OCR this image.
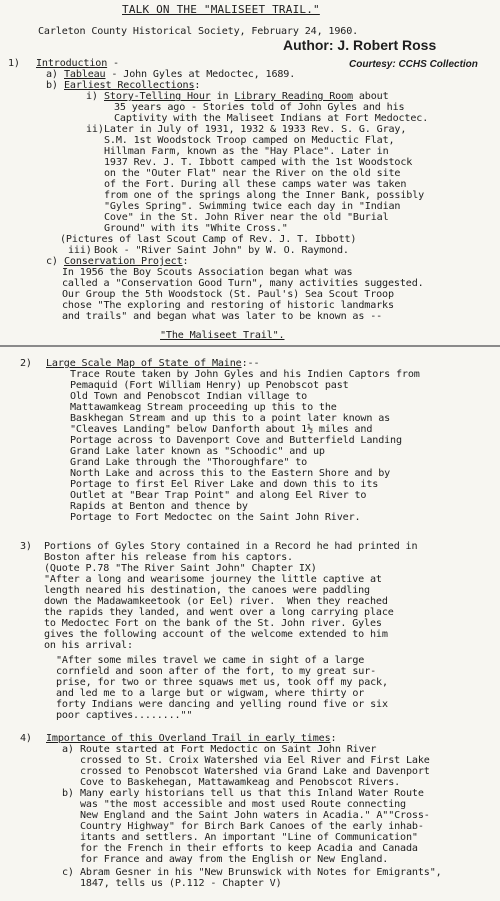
TALK ON THE "MALISEET TRAIL."
Carleton County Historical Society, February 24, 1960.
Author: J. Robert Ross
Courtesy: CCHS Collection
1) Introduction -
a) Tableau - John Gyles at Medoctec, 1689.
b) Earliest Recollections:
i) Story-Telling Hour in Library Reading Room about
35 years ago - Stories told of John Gyles and his
Captivity with the Maliseet Indians at Fort Medoctec.
ii) Later in July of 1931, 1932 & 1933 Rev. S. G. Gray,
S.M. 1st Woodstock Troop camped on Meductic Flat,
Hillman Farm, known as the "Hay Place". Later in
1937 Rev. J. T. Ibbott camped with the 1st Woodstock
on the "Outer Flat" near the River on the old site
of the Fort. During all these camps water was taken
from one of the springs along the Inner Bank, possibly
"Gyles Spring". Swimming twice each day in "Indian
Cove" in the St. John River near the old "Burial
Ground" with its "White Cross."
(Pictures of last Scout Camp of Rev. J. T. Ibbott)
iii) Book - "River Saint John" by W. O. Raymond.
c) Conservation Project:
In 1956 the Boy Scouts Association began what was
called a "Conservation Good Turn", many activities suggested.
Our Group the 5th Woodstock (St. Paul's) Sea Scout Troop
chose "The exploring and restoring of historic landmarks
and trails" and began what was later to be known as --
"The Maliseet Trail".
2) Large Scale Map of State of Maine:--
Trace Route taken by John Gyles and his Indien Captors from
Pemaquid (Fort William Henry) up Penobscot past
Old Town and Penobscot Indian village to
Mattawamkeag Stream proceeding up this to the
Baskhegan Stream and up this to a point later known as
"Cleaves Landing" below Danforth about 1½ miles and
Portage across to Davenport Cove and Butterfield Landing
Grand Lake later known as "Schoodic" and up
Grand Lake through the "Thoroughfare" to
North Lake and across this to the Eastern Shore and by
Portage to first Eel River Lake and down this to its
Outlet at "Bear Trap Point" and along Eel River to
Rapids at Benton and thence by
Portage to Fort Medoctec on the Saint John River.
3) Portions of Gyles Story contained in a Record he had printed in
Boston after his release from his captors.
(Quote P.78 "The River Saint John" Chapter IX)
"After a long and wearisome journey the little captive at
length neared his destination, the canoes were paddling
down the Madawamkeetook (or Eel) river.  When they reached
the rapids they landed, and went over a long carrying place
to Medoctec Fort on the bank of the St. John river. Gyles
gives the following account of the welcome extended to him
on his arrival:
"After some miles travel we came in sight of a large
cornfield and soon after of the fort, to my great sur-
prise, for two or three squaws met us, took off my pack,
and led me to a large but or wigwam, where thirty or
forty Indians were dancing and yelling round five or six
poor captives........""
4) Importance of this Overland Trail in early times:
a) Route started at Fort Medoctic on Saint John River
crossed to St. Croix Watershed via Eel River and First Lake
crossed to Penobscot Watershed via Grand Lake and Davenport
Cove to Baskehegan, Mattawamkeag and Penobscot Rivers.
b) Many early historians tell us that this Inland Water Route
was "the most accessible and most used Route connecting
New England and the Saint John waters in Acadia." A""Cross-
Country Highway" for Birch Bark Canoes of the early inhab-
itants and settlers. An important "Line of Communication"
for the French in their efforts to keep Acadia and Canada
for France and away from the English or New England.
c) Abram Gesner in his "New Brunswick with Notes for Emigrants",
1847, tells us (P.112 - Chapter V)
